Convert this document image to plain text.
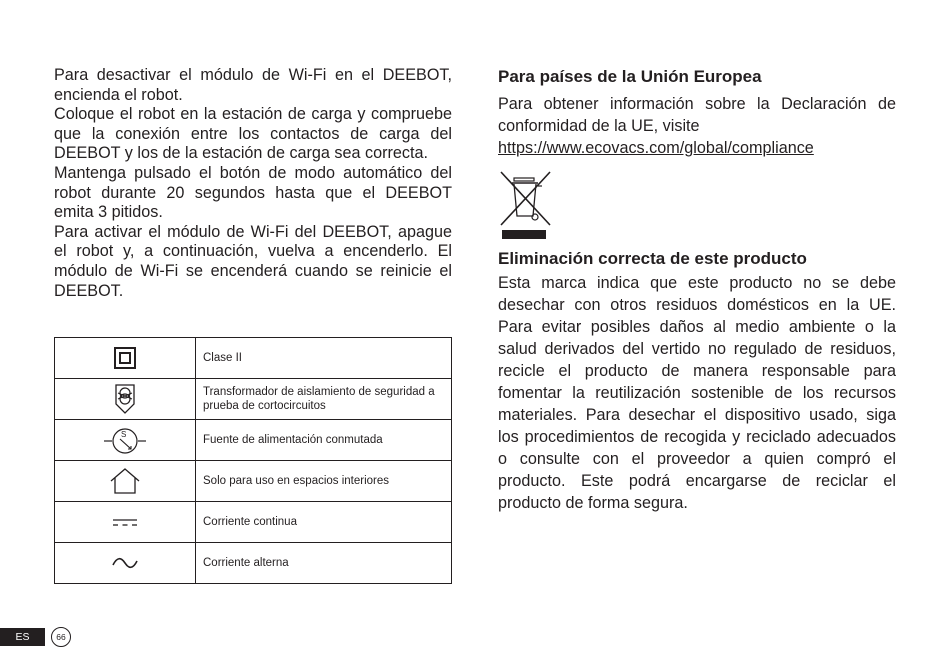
Para desactivar el módulo de Wi-Fi en el DEEBOT, encienda el robot.

Coloque el robot en la estación de carga y compruebe que la conexión entre los contactos de carga del DEEBOT y los de la estación de carga sea correcta.

Mantenga pulsado el botón de modo automático del robot durante 20 segundos hasta que el DEEBOT emita 3 pitidos.

Para activar el módulo de Wi-Fi del DEEBOT, apague el robot y, a continuación, vuelva a encenderlo. El módulo de Wi-Fi se encenderá cuando se reinicie el DEEBOT.

	Clase II
	Transformador de aislamiento de seguridad a prueba de cortocircuitos

S	Fuente de alimentación conmutada
	Solo para uso en espacios interiores
	Corriente continua
	Corriente alterna
Para países de la Unión Europea

Para obtener información sobre la Declaración de conformidad de la UE, visite
https://www.ecovacs.com/global/compliance

Eliminación correcta de este producto

Esta marca indica que este producto no se debe desechar con otros residuos domésticos en la UE. Para evitar posibles daños al medio ambiente o la salud derivados del vertido no regulado de residuos, recicle el producto de manera responsable para fomentar la reutilización sostenible de los recursos materiales. Para desechar el dispositivo usado, siga los procedimientos de recogida y reciclado adecuados o consulte con el proveedor a quien compró el producto. Este podrá encargarse de reciclar el producto de forma segura.

ES	66
